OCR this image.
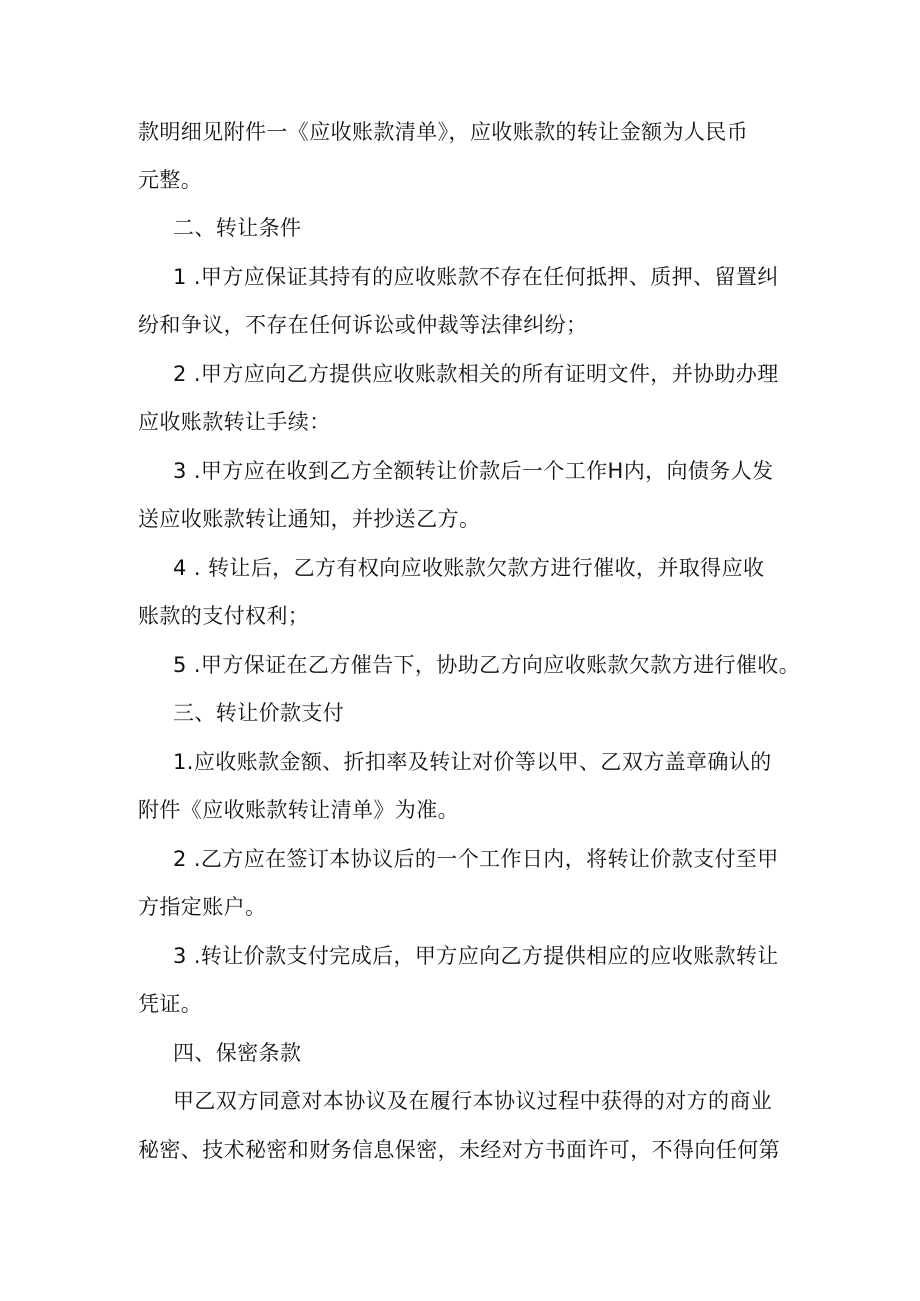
款明细见附件一《应收账款清单》，应收账款的转让金额为人民币
元整。
二、转让条件
1 .甲方应保证其持有的应收账款不存在任何抵押、质押、留置纠
纷和争议，不存在任何诉讼或仲裁等法律纠纷；
2 .甲方应向乙方提供应收账款相关的所有证明文件，并协助办理
应收账款转让手续：
3 .甲方应在收到乙方全额转让价款后一个工作H内，向债务人发
送应收账款转让通知，并抄送乙方。
4 . 转让后，乙方有权向应收账款欠款方进行催收，并取得应收
账款的支付权利；
5 .甲方保证在乙方催告下，协助乙方向应收账款欠款方进行催收。
三、转让价款支付
1.应收账款金额、折扣率及转让对价等以甲、乙双方盖章确认的
附件《应收账款转让清单》为准。
2 .乙方应在签订本协议后的一个工作日内，将转让价款支付至甲
方指定账户。
3 .转让价款支付完成后，甲方应向乙方提供相应的应收账款转让
凭证。
四、保密条款
甲乙双方同意对本协议及在履行本协议过程中获得的对方的商业
秘密、技术秘密和财务信息保密，未经对方书面许可，不得向任何第
